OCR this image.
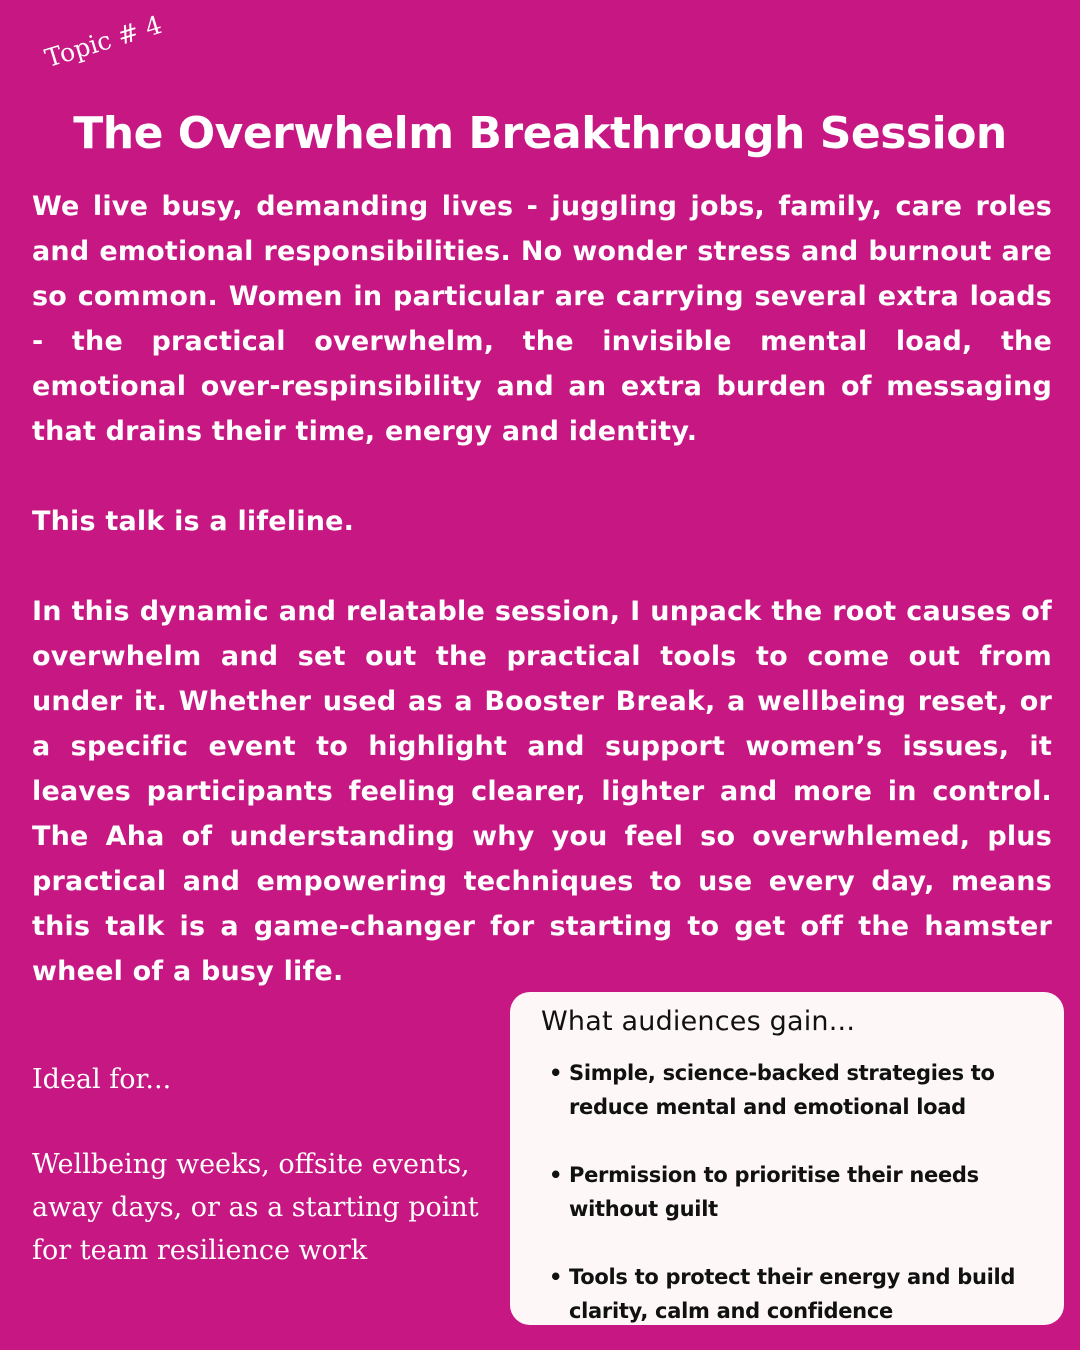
Topic # 4
The Overwhelm Breakthrough Session

We live busy, demanding lives - juggling jobs, family, care roles and emotional responsibilities. No wonder stress and burnout are so common. Women in particular are carrying several extra loads - the practical overwhelm, the invisible mental load, the emotional over-respinsibility and an extra burden of messaging that drains their time, energy and identity.

This talk is a lifeline.

In this dynamic and relatable session, I unpack the root causes of overwhelm and set out the practical tools to come out from under it. Whether used as a Booster Break, a wellbeing reset, or a specific event to highlight and support women’s issues, it leaves participants feeling clearer, lighter and more in control. The Aha of understanding why you feel so overwhlemed, plus practical and empowering techniques to use every day, means this talk is a game-changer for starting to get off the hamster wheel of a busy life.

Ideal for...

Wellbeing weeks, offsite events, away days, or as a starting point for team resilience work

What audiences gain...
• Simple, science-backed strategies to reduce mental and emotional load
The familiar language to name what's weighing them down
• Permission to prioritise their needs without guilt
• Tools to protect their energy and build clarity, calm and confidence
